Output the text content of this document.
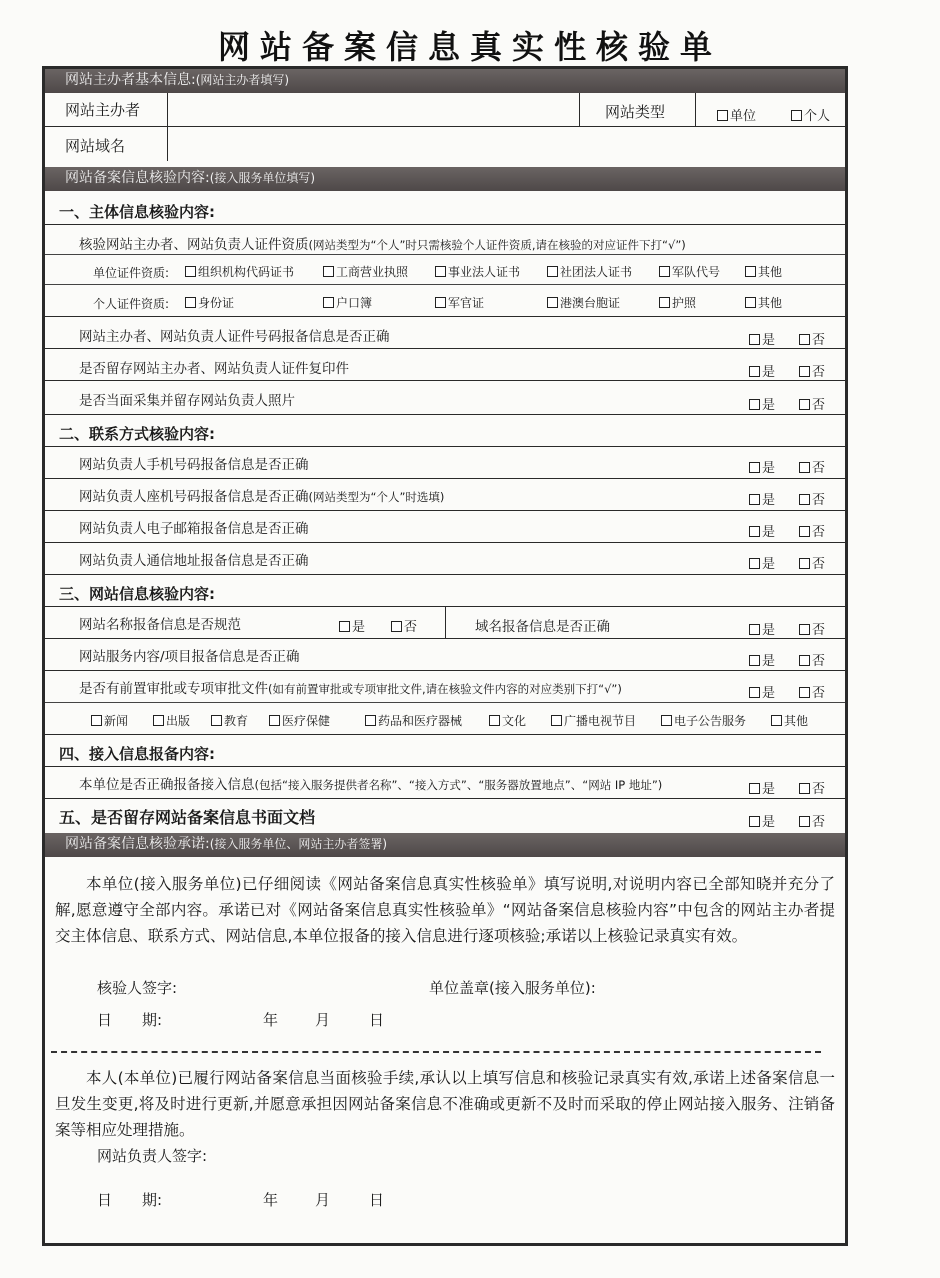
网站备案信息真实性核验单
网站主办者基本信息:(网站主办者填写)
网站主办者	网站类型	单位	个人
网站域名
网站备案信息核验内容:(接入服务单位填写)
一、主体信息核验内容:
核验网站主办者、网站负责人证件资质(网站类型为“个人”时只需核验个人证件资质,请在核验的对应证件下打“√”)
单位证件资质:	组织机构代码证书	工商营业执照	事业法人证书	社团法人证书	军队代号	其他
个人证件资质:	身份证	户口簿	军官证	港澳台胞证	护照	其他
网站主办者、网站负责人证件号码报备信息是否正确	是	否
是否留存网站主办者、网站负责人证件复印件	是	否
是否当面采集并留存网站负责人照片	是	否
二、联系方式核验内容:
网站负责人手机号码报备信息是否正确	是	否
网站负责人座机号码报备信息是否正确(网站类型为“个人”时选填)	是	否
网站负责人电子邮箱报备信息是否正确	是	否
网站负责人通信地址报备信息是否正确	是	否
三、网站信息核验内容:
网站名称报备信息是否规范	是	否	域名报备信息是否正确	是	否
网站服务内容/项目报备信息是否正确	是	否
是否有前置审批或专项审批文件(如有前置审批或专项审批文件,请在核验文件内容的对应类别下打“√”)	是	否
新闻	出版	教育	医疗保健	药品和医疗器械	文化	广播电视节目	电子公告服务	其他
四、接入信息报备内容:
本单位是否正确报备接入信息(包括“接入服务提供者名称”、“接入方式”、“服务器放置地点”、“网站 IP 地址”)	是	否
五、是否留存网站备案信息书面文档	是	否
网站备案信息核验承诺:(接入服务单位、网站主办者签署)
本单位(接入服务单位)已仔细阅读《网站备案信息真实性核验单》填写说明,对说明内容已全部知晓并充分了解,愿意遵守全部内容。承诺已对《网站备案信息真实性核验单》“网站备案信息核验内容”中包含的网站主办者提交主体信息、联系方式、网站信息,本单位报备的接入信息进行逐项核验;承诺以上核验记录真实有效。
核验人签字:	单位盖章(接入服务单位):
日　　期:	年 月	日
本人(本单位)已履行网站备案信息当面核验手续,承认以上填写信息和核验记录真实有效,承诺上述备案信息一旦发生变更,将及时进行更新,并愿意承担因网站备案信息不准确或更新不及时而采取的停止网站接入服务、注销备案等相应处理措施。
网站负责人签字:
日　　期:	年 月	日
